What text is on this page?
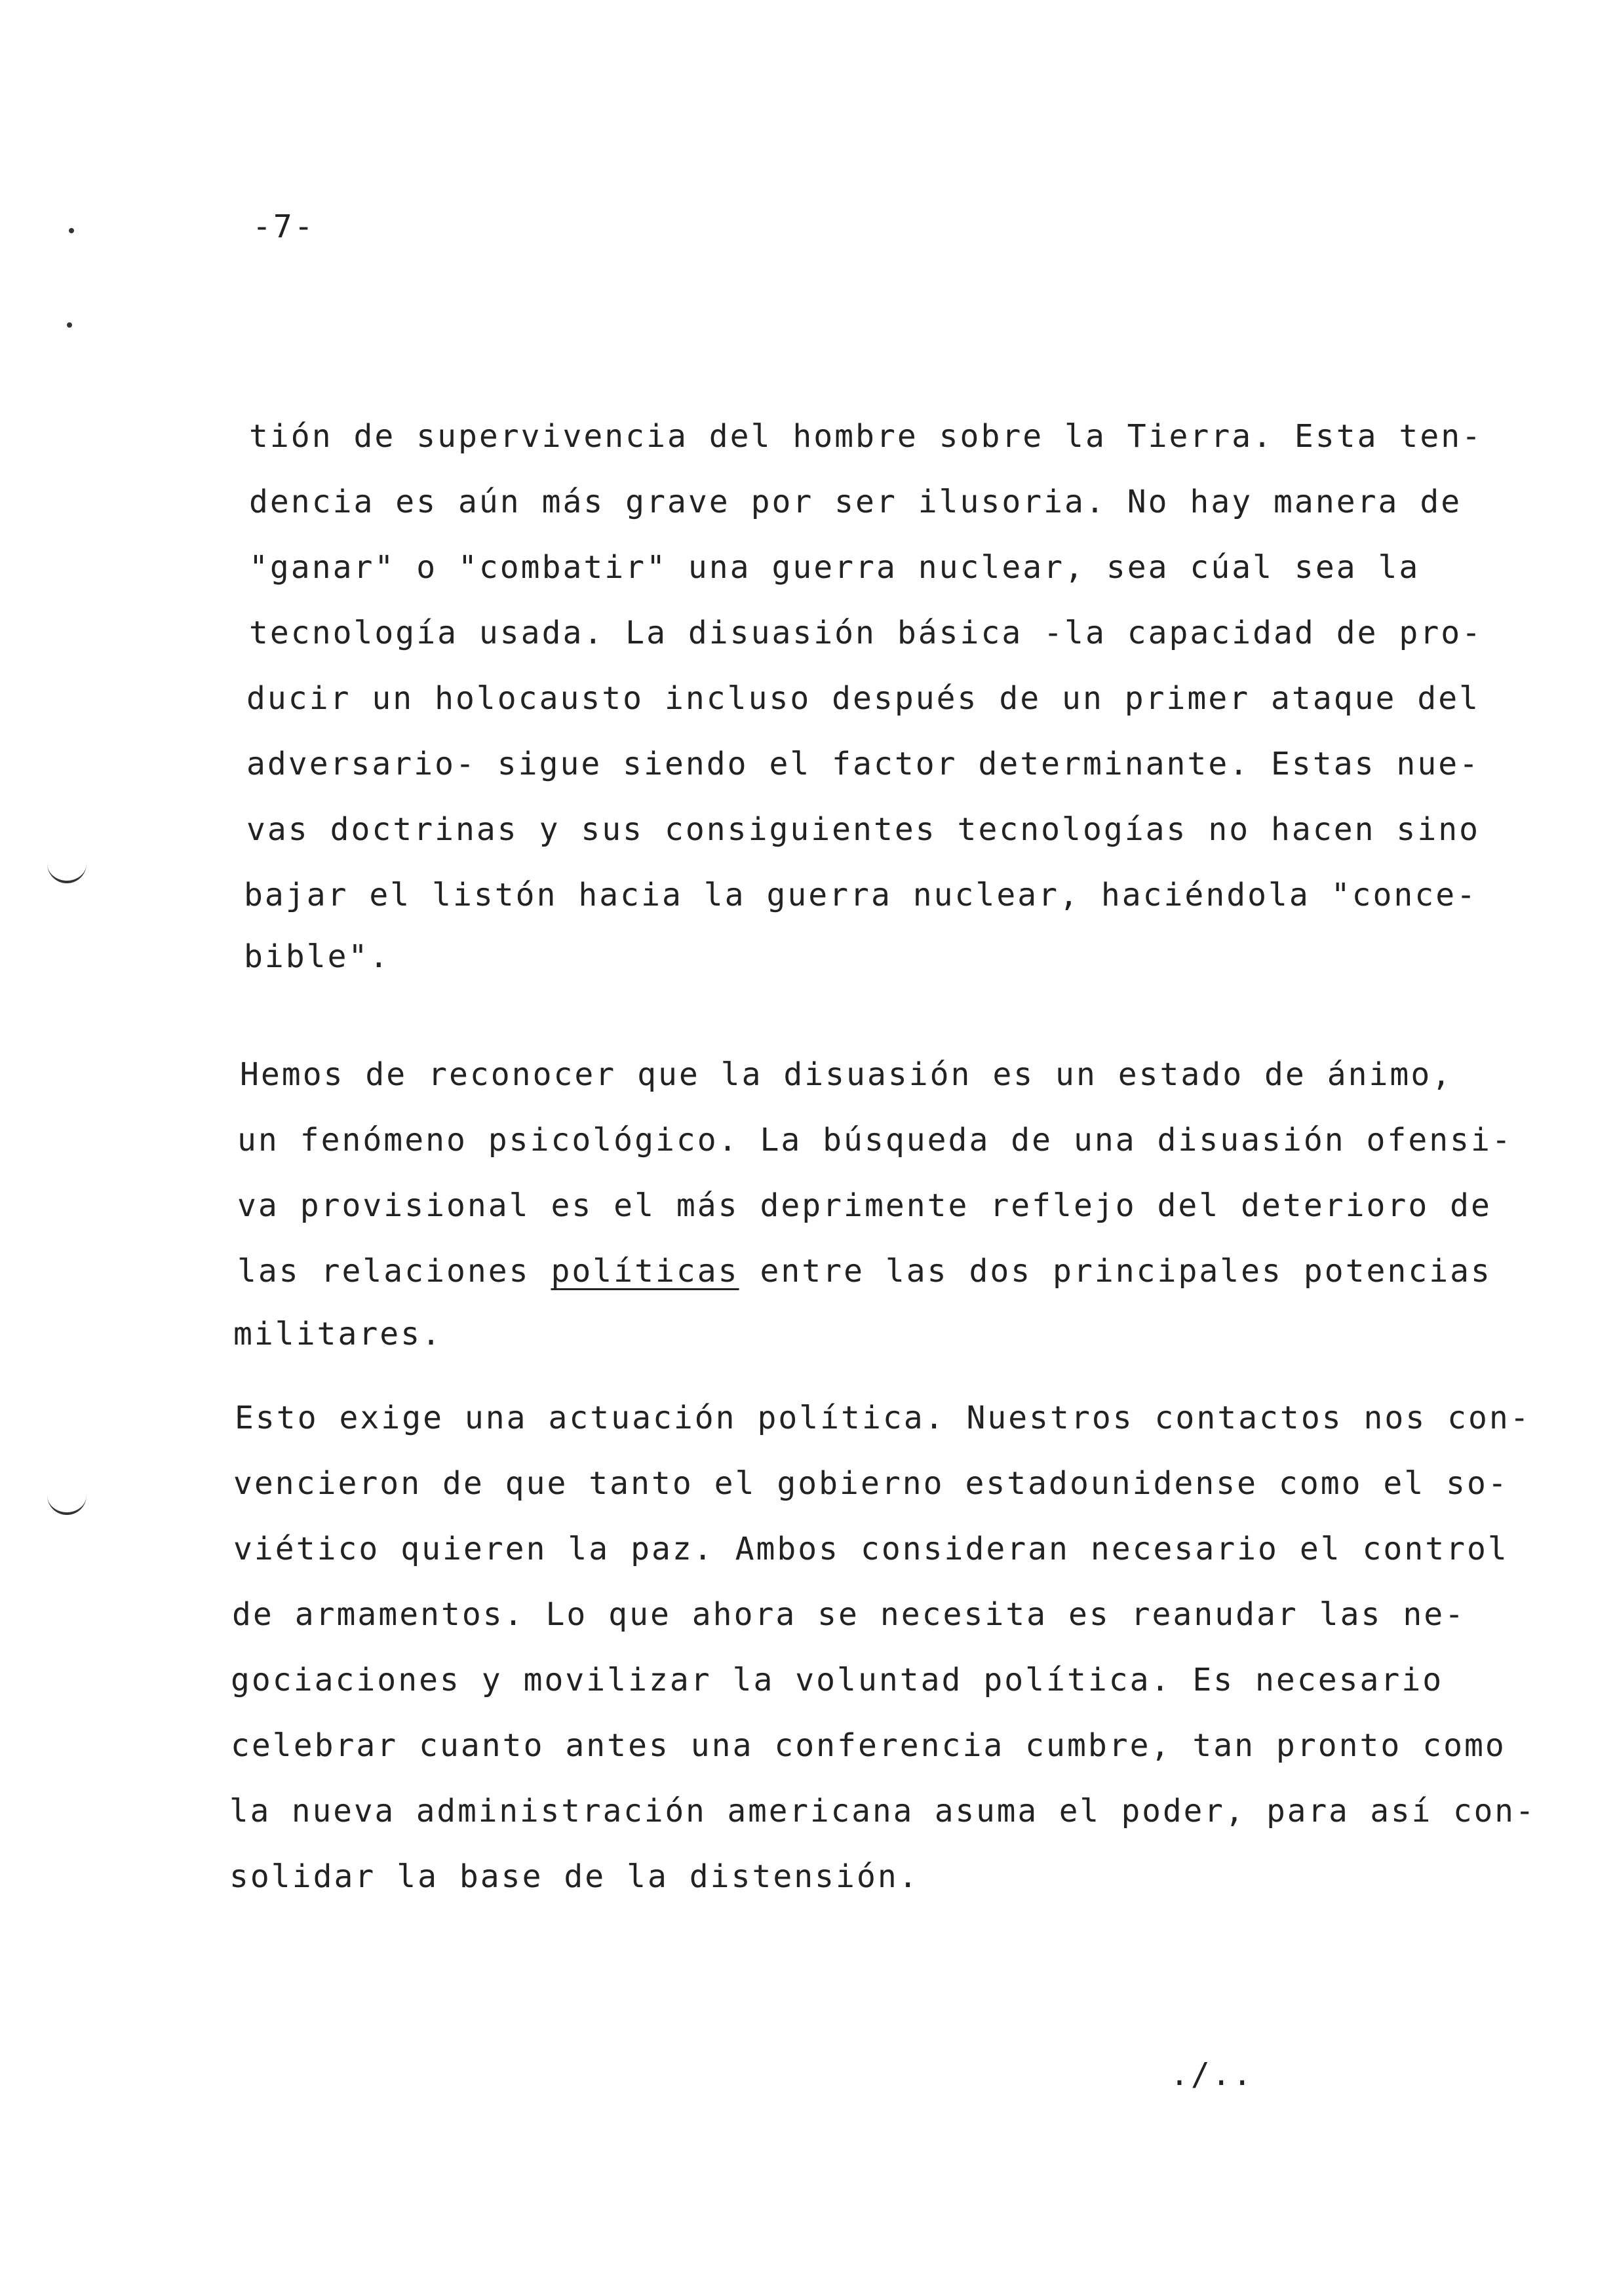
-7-
tión de supervivencia del hombre sobre la Tierra. Esta ten-
dencia es aún más grave por ser ilusoria. No hay manera de
"ganar" o "combatir" una guerra nuclear, sea cúal sea la
tecnología usada. La disuasión básica -la capacidad de pro-
ducir un holocausto incluso después de un primer ataque del
adversario- sigue siendo el factor determinante. Estas nue-
vas doctrinas y sus consiguientes tecnologías no hacen sino
bajar el listón hacia la guerra nuclear, haciéndola "conce-
bible".
Hemos de reconocer que la disuasión es un estado de ánimo,
un fenómeno psicológico. La búsqueda de una disuasión ofensi-
va provisional es el más deprimente reflejo del deterioro de
las relaciones políticas entre las dos principales potencias
militares.
Esto exige una actuación política. Nuestros contactos nos con-
vencieron de que tanto el gobierno estadounidense como el so-
viético quieren la paz. Ambos consideran necesario el control
de armamentos. Lo que ahora se necesita es reanudar las ne-
gociaciones y movilizar la voluntad política. Es necesario
celebrar cuanto antes una conferencia cumbre, tan pronto como
la nueva administración americana asuma el poder, para así con-
solidar la base de la distensión.
./..
